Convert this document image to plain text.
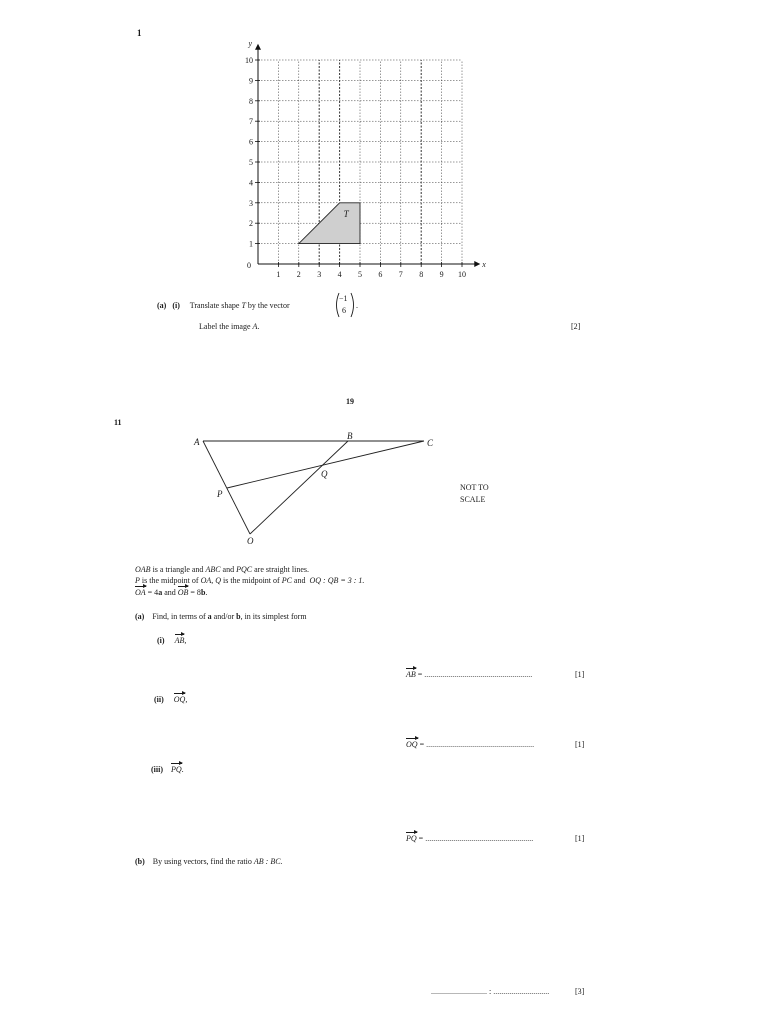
1
T
1 2 3 4 5 6 7 8 9 10
1
2
3
4
5
6
7
8
9
10
0	x
y
(a) (i) Translate shape T by the vector
−1
6
.
Label the image A.	[2]
19
11
A
B
C
P
Q
O
NOT TO
SCALE
OAB is a triangle and ABC and PQC are straight lines.
P is the midpoint of OA, Q is the midpoint of PC and OQ : QB = 3 : 1.
OA = 4a and OB = 8b.
(a) Find, in terms of a and/or b, in its simplest form
(i) AB,
AB = ......................................................	[1]
(ii) OQ,
OQ = ......................................................	[1]
(iii) PQ.
PQ = ......................................................	[1]
(b) By using vectors, find the ratio AB : BC.
............................ : ............................	[3]
